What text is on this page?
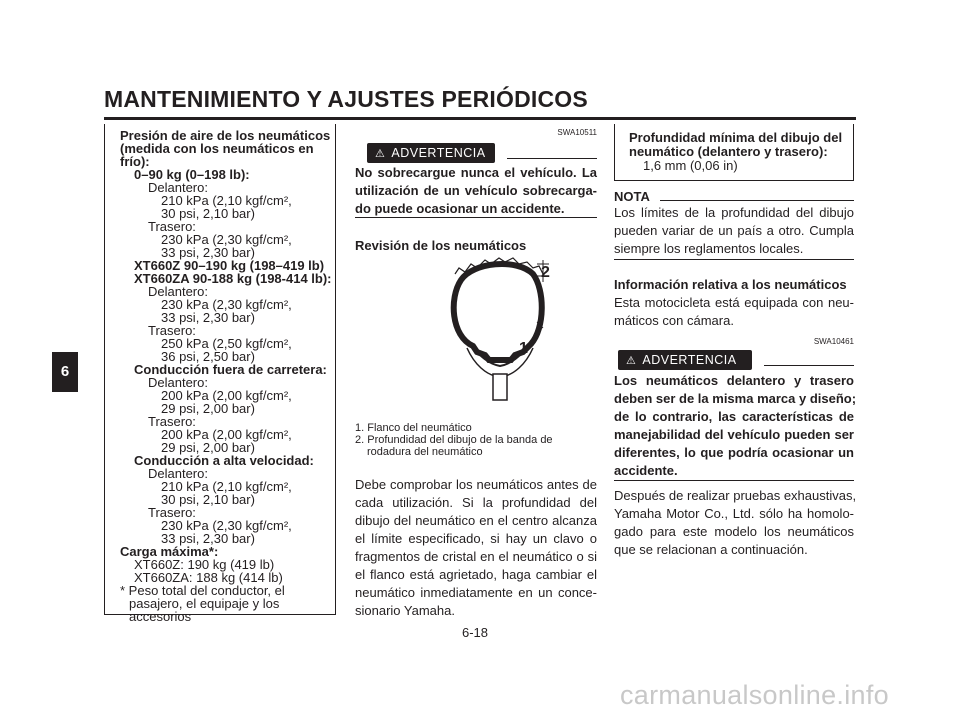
MANTENIMIENTO Y AJUSTES PERIÓDICOS
6
Presión de aire de los neumáticos
(medida con los neumáticos en
frío):
0–90 kg (0–198 lb):
Delantero:
210 kPa (2,10 kgf/cm²,
30 psi, 2,10 bar)
Trasero:
230 kPa (2,30 kgf/cm²,
33 psi, 2,30 bar)
XT660Z 90–190 kg (198–419 lb)
XT660ZA 90-188 kg (198-414 lb):
Delantero:
230 kPa (2,30 kgf/cm²,
33 psi, 2,30 bar)
Trasero:
250 kPa (2,50 kgf/cm²,
36 psi, 2,50 bar)
Conducción fuera de carretera:
Delantero:
200 kPa (2,00 kgf/cm²,
29 psi, 2,00 bar)
Trasero:
200 kPa (2,00 kgf/cm²,
29 psi, 2,00 bar)
Conducción a alta velocidad:
Delantero:
210 kPa (2,10 kgf/cm²,
30 psi, 2,10 bar)
Trasero:
230 kPa (2,30 kgf/cm²,
33 psi, 2,30 bar)
Carga máxima*:
XT660Z: 190 kg (419 lb)
XT660ZA: 188 kg (414 lb)
* Peso total del conductor, el
pasajero, el equipaje y los
accesorios
SWA10511
⚠ ADVERTENCIA
No sobrecargue nunca el vehículo. La
utilización de un vehículo sobrecarga-
do puede ocasionar un accidente.
Revisión de los neumáticos
2
1
1. Flanco del neumático
2. Profundidad del dibujo de la banda de
rodadura del neumático
Debe comprobar los neumáticos antes de
cada utilización. Si la profundidad del
dibujo del neumático en el centro alcanza
el límite especificado, si hay un clavo o
fragmentos de cristal en el neumático o si
el flanco está agrietado, haga cambiar el
neumático inmediatamente en un conce-
sionario Yamaha.
Profundidad mínima del dibujo del
neumático (delantero y trasero):
1,6 mm (0,06 in)
NOTA
Los límites de la profundidad del dibujo
pueden variar de un país a otro. Cumpla
siempre los reglamentos locales.
Información relativa a los neumáticos
Esta motocicleta está equipada con neu-
máticos con cámara.
SWA10461
⚠ ADVERTENCIA
Los neumáticos delantero y trasero
deben ser de la misma marca y diseño;
de lo contrario, las características de
manejabilidad del vehículo pueden ser
diferentes, lo que podría ocasionar un
accidente.
Después de realizar pruebas exhaustivas,
Yamaha Motor Co., Ltd. sólo ha homolo-
gado para este modelo los neumáticos
que se relacionan a continuación.
6-18
carmanualsonline.info
